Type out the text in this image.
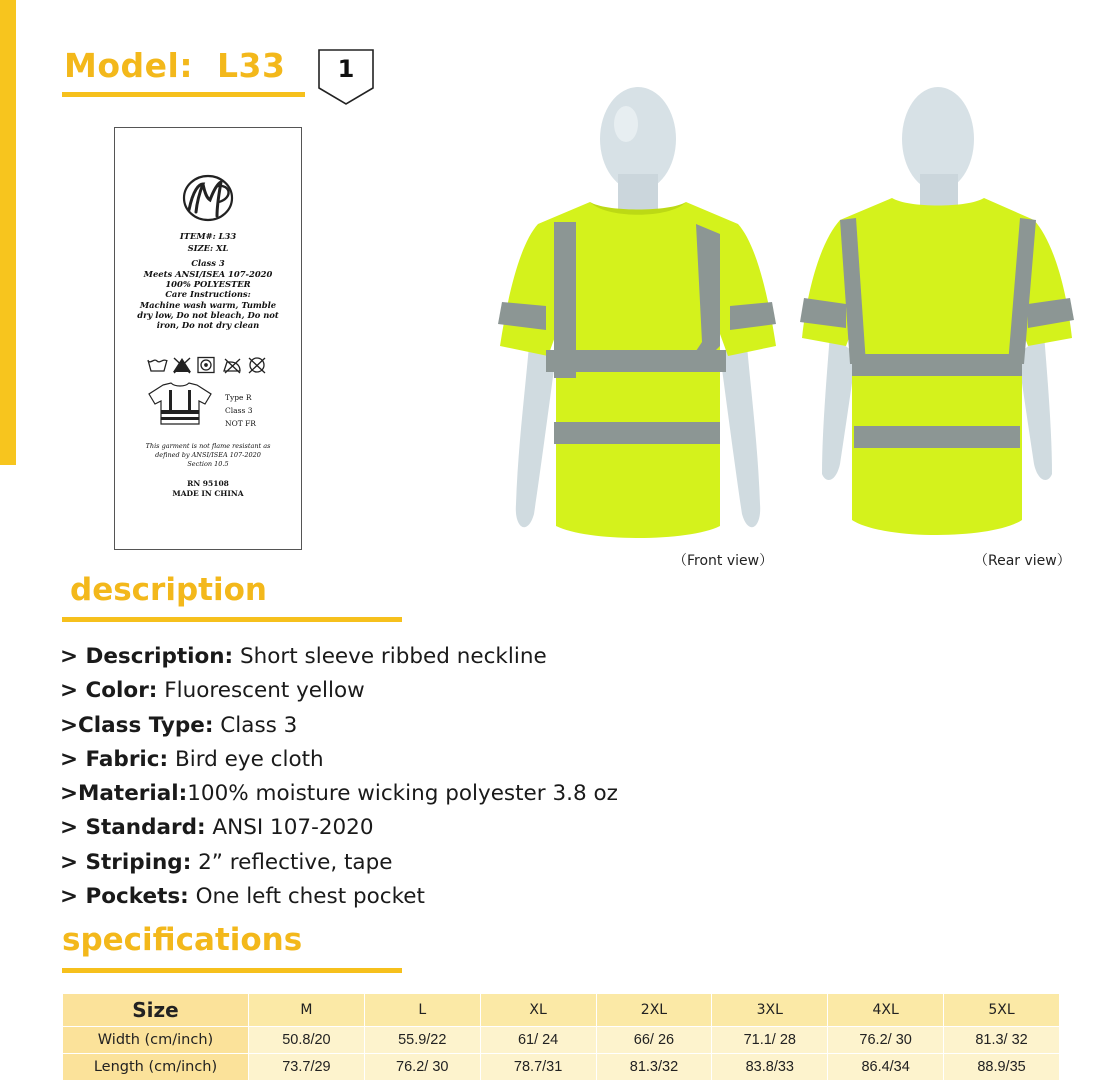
Model: L33	1
ITEM#: L33
SIZE: XL
Class 3
Meets ANSI/ISEA 107-2020
100% POLYESTER
Care Instructions:
Machine wash warm, Tumble
dry low, Do not bleach, Do not
iron, Do not dry clean
Type R
Class 3
NOT FR
This garment is not flame resistant as
defined by ANSI/ISEA 107-2020
Section 10.5
RN 95108
MADE IN CHINA
（Front view）	（Rear view）
description
> Description: Short sleeve ribbed neckline
> Color: Fluorescent yellow
>Class Type: Class 3
> Fabric: Bird eye cloth
>Material:100% moisture wicking polyester 3.8 oz
> Standard: ANSI 107-2020
> Striping: 2” reflective, tape
> Pockets: One left chest pocket
specifications
Size	M	L	XL	2XL	3XL	4XL	5XL
Width (cm/inch)	50.8/20	55.9/22	61/ 24	66/ 26	71.1/ 28	76.2/ 30	81.3/ 32
Length (cm/inch)	73.7/29	76.2/ 30	78.7/31	81.3/32	83.8/33	86.4/34	88.9/35
